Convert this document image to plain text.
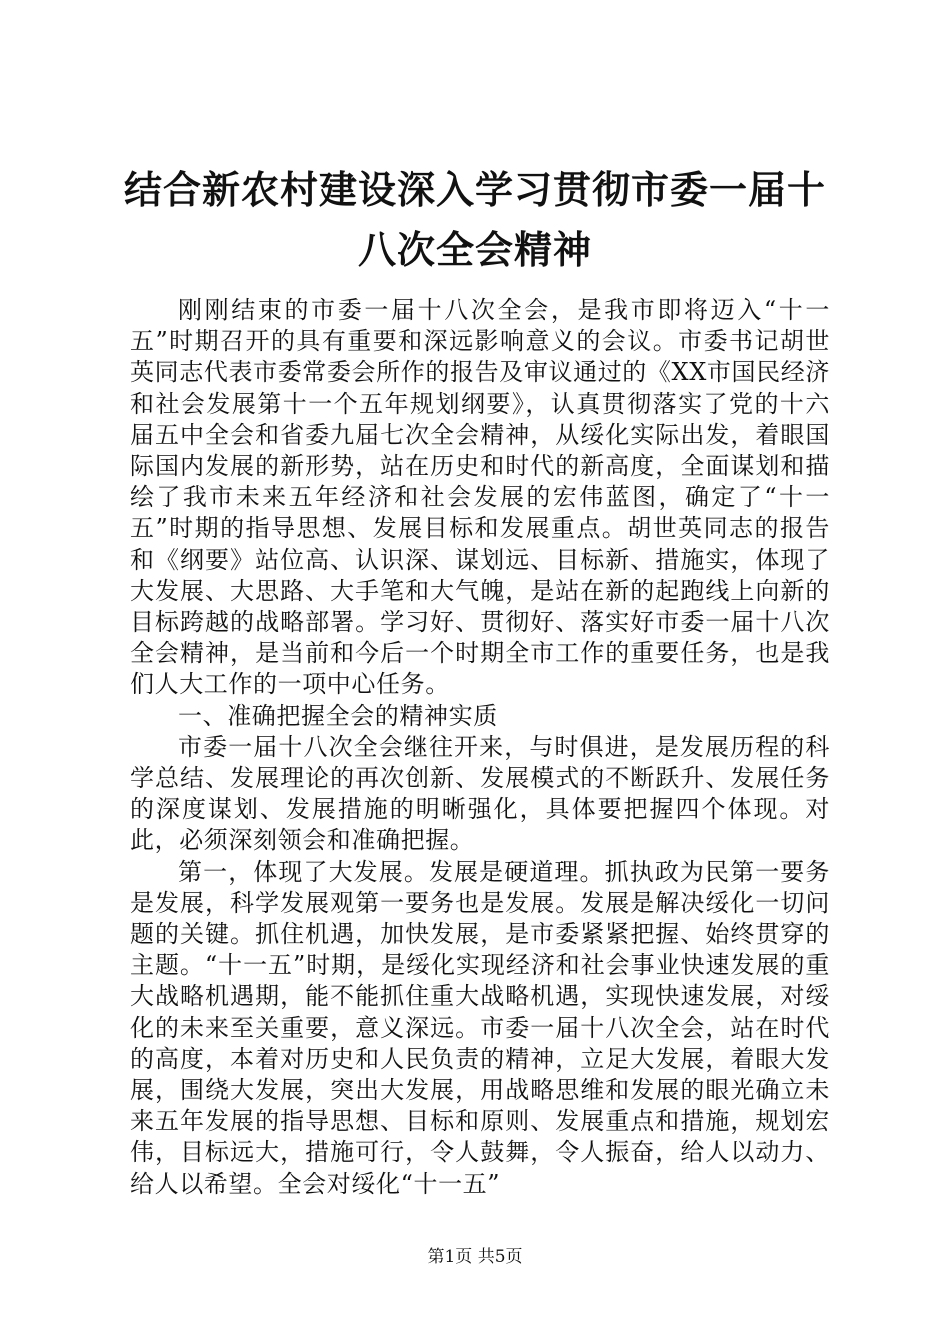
结合新农村建设深入学习贯彻市委一届十八次全会精神

刚刚结束的市委一届十八次全会，是我市即将迈入“十一五”时期召开的具有重要和深远影响意义的会议。市委书记胡世英同志代表市委常委会所作的报告及审议通过的《XX市国民经济和社会发展第十一个五年规划纲要》，认真贯彻落实了党的十六届五中全会和省委九届七次全会精神，从绥化实际出发，着眼国际国内发展的新形势，站在历史和时代的新高度，全面谋划和描绘了我市未来五年经济和社会发展的宏伟蓝图，确定了“十一五”时期的指导思想、发展目标和发展重点。胡世英同志的报告和《纲要》站位高、认识深、谋划远、目标新、措施实，体现了大发展、大思路、大手笔和大气魄，是站在新的起跑线上向新的目标跨越的战略部署。学习好、贯彻好、落实好市委一届十八次全会精神，是当前和今后一个时期全市工作的重要任务，也是我们人大工作的一项中心任务。

一、准确把握全会的精神实质

市委一届十八次全会继往开来，与时俱进，是发展历程的科学总结、发展理论的再次创新、发展模式的不断跃升、发展任务的深度谋划、发展措施的明晰强化，具体要把握四个体现。对此，必须深刻领会和准确把握。

第一，体现了大发展。发展是硬道理。抓执政为民第一要务是发展，科学发展观第一要务也是发展。发展是解决绥化一切问题的关键。抓住机遇，加快发展，是市委紧紧把握、始终贯穿的主题。“十一五”时期，是绥化实现经济和社会事业快速发展的重大战略机遇期，能不能抓住重大战略机遇，实现快速发展，对绥化的未来至关重要，意义深远。市委一届十八次全会，站在时代的高度，本着对历史和人民负责的精神，立足大发展，着眼大发展，围绕大发展，突出大发展，用战略思维和发展的眼光确立未来五年发展的指导思想、目标和原则、发展重点和措施，规划宏伟，目标远大，措施可行，令人鼓舞，令人振奋，给人以动力、给人以希望。全会对绥化“十一五”

第1页 共5页
